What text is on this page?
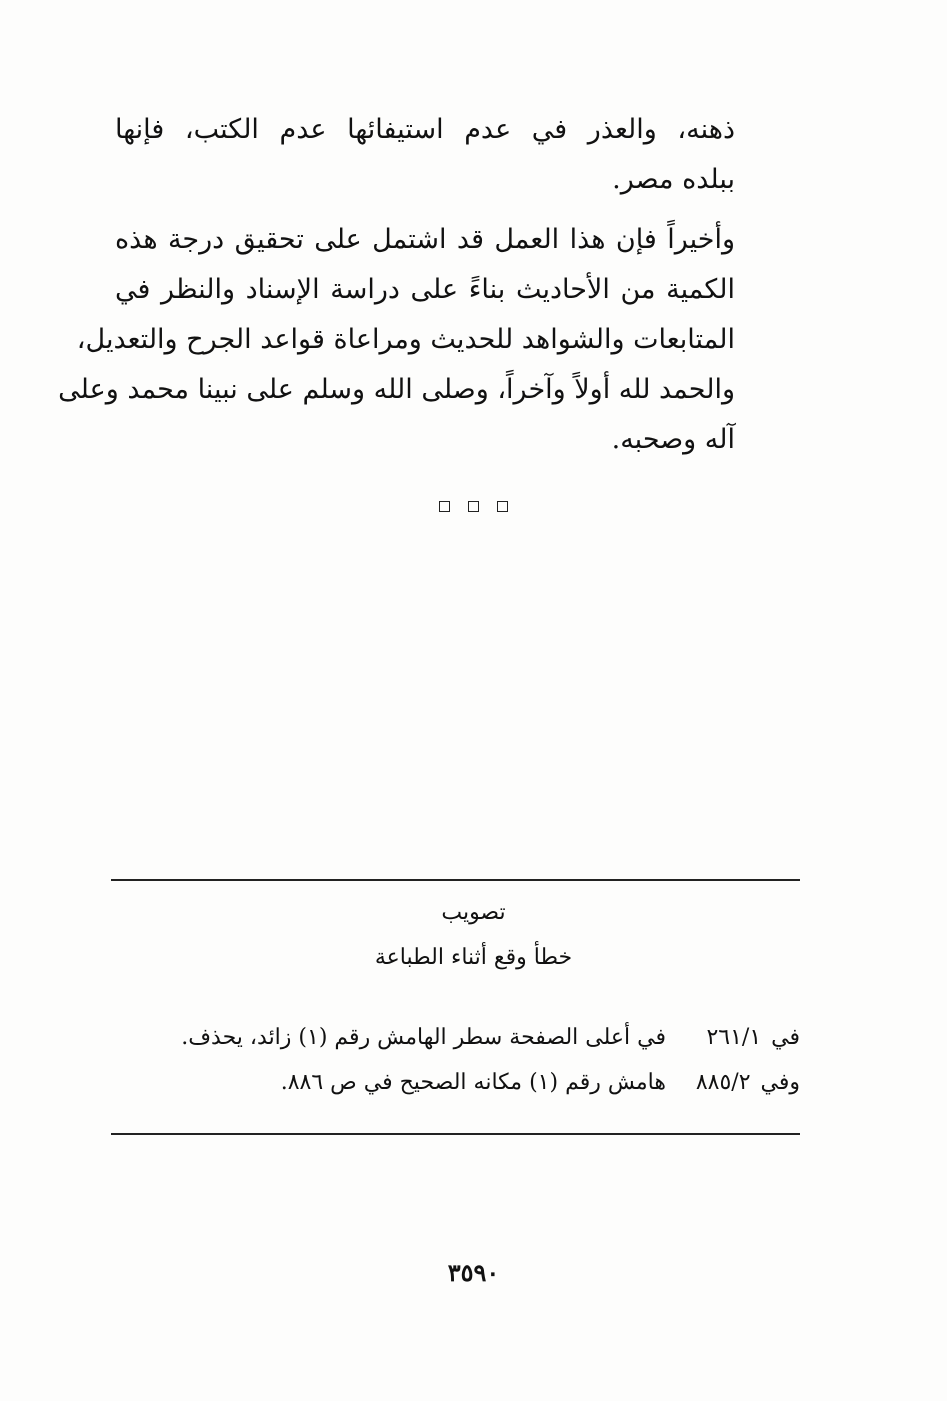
ذهنه، والعذر في عدم استيفائها عدم الكتب، فإنها
ببلده مصر.
وأخيراً فإن هذا العمل قد اشتمل على تحقيق درجة هذه
الكمية من الأحاديث بناءً على دراسة الإسناد والنظر في
المتابعات والشواهد للحديث ومراعاة قواعد الجرح والتعديل،
والحمد لله أولاً وآخراً، وصلى الله وسلم على نبينا محمد وعلى
آله وصحبه.
تصويب
خطأ وقع أثناء الطباعة
في
٢٦١/١
في أعلى الصفحة سطر الهامش رقم (١) زائد، يحذف.
وفي
٨٨٥/٢
هامش رقم (١) مكانه الصحيح في ص ٨٨٦.
٣٥٩٠
